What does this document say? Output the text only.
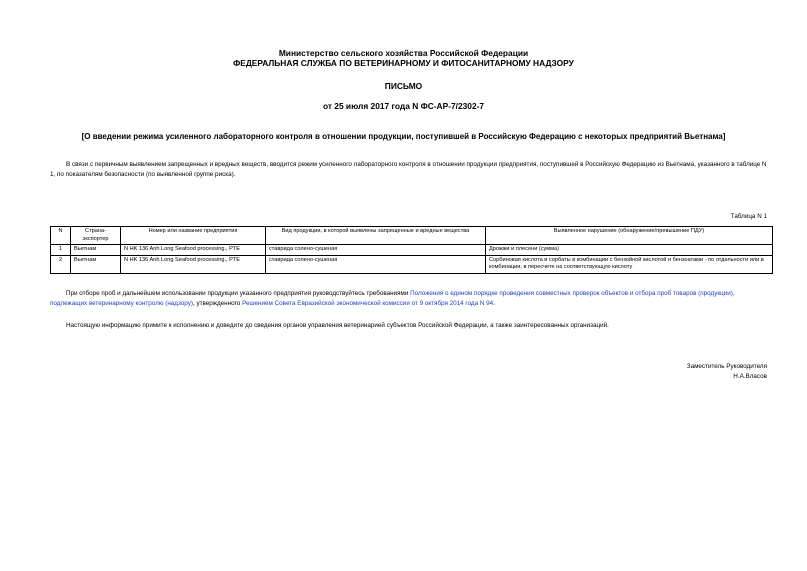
Министерство сельского хозяйства Российской Федерации
ФЕДЕРАЛЬНАЯ СЛУЖБА ПО ВЕТЕРИНАРНОМУ И ФИТОСАНИТАРНОМУ НАДЗОРУ
ПИСЬМО
от 25 июля 2017 года N ФС-АР-7/2302-7
[О введении режима усиленного лабораторного контроля в отношении продукции, поступившей в Российскую Федерацию с некоторых предприятий Вьетнама]
В связи с первичным выявлением запрещенных и вредных веществ, вводится режим усиленного лабораторного контроля в отношении продукции предприятия, поступившей в Российскую Федерацию из Вьетнама, указанного в таблице N 1, по показателям безопасности (по выявленной группе риска).
Таблица N 1
N	Страна-экспортер	Номер или название предприятия	Вид продукции, в которой выявлены запрещенные и вредные вещества	Выявленное нарушение (обнаружение/превышение ПДУ)
1	Вьетнам	N HK 136 Anh Long Seafood processing., PTE	ставрида солено-сушеная	Дрожжи и плесени (сумма)
2	Вьетнам	N HK 136 Anh Long Seafood processing., PTE	ставрида солено-сушеная	Сорбиновая кислота и сорбаты в комбинации с бензойной кислотой и бензоатами - по отдельности или в комбинации, в пересчете на соответствующую кислоту
При отборе проб и дальнейшем использовании продукции указанного предприятия руководствуйтесь требованиями Положения о едином порядке проведения совместных проверок объектов и отбора проб товаров (продукции), подлежащих ветеринарному контролю (надзору), утвержденного Решением Совета Евразийской экономической комиссии от 9 октября 2014 года N 94.
Настоящую информацию примите к исполнению и доведите до сведения органов управления ветеринарией субъектов Российской Федерации, а также заинтересованных организаций.
Заместитель Руководителя
Н.А.Власов
